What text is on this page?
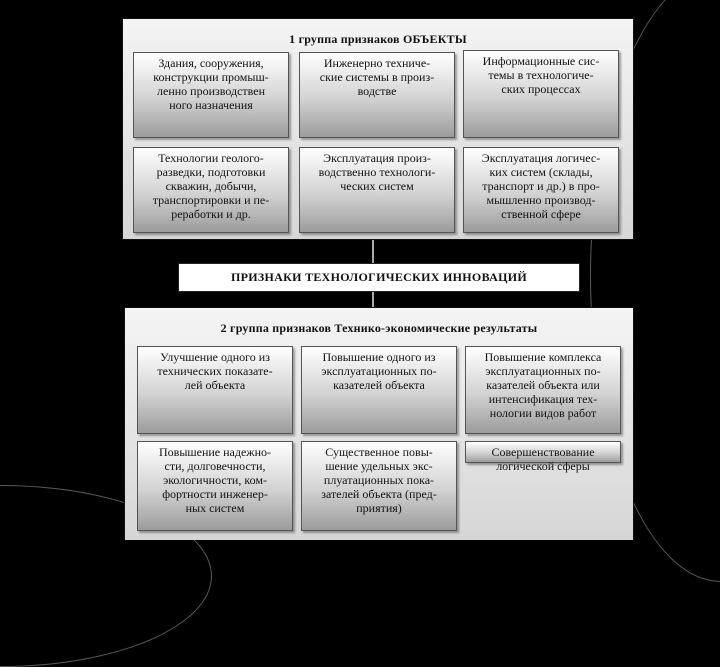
1 группа признаков ОБЪЕКТЫ
Здания, сооружения,
конструкции промыш-
ленно производствен
ного назначения
Инженерно техниче-
ские системы в произ-
водстве
Информационные сис-
темы в технологиче-
ских процессах
Технологии геолого-
разведки, подготовки
скважин, добычи,
транспортировки и пе-
реработки и др.
Эксплуатация произ-
водственно технологи-
ческих систем
Эксплуатация логичес-
ких систем (склады,
транспорт и др.) в про-
мышленно производ-
ственной сфере
ПРИЗНАКИ ТЕХНОЛОГИЧЕСКИХ ИННОВАЦИЙ
2 группа признаков Технико-экономические результаты
Улучшение одного из
технических показате-
лей объекта
Повышение одного из
эксплуатационных по-
казателей объекта
Повышение комплекса
эксплуатационных по-
казателей объекта или
интенсификация тех-
нологии видов работ
Повышение надежно-
сти, долговечности,
экологичности, ком-
фортности инженер-
ных систем
Существенное повы-
шение удельных экс-
плуатационных пока-
зателей объекта (пред-
приятия)
Совершенствование
логической сферы
